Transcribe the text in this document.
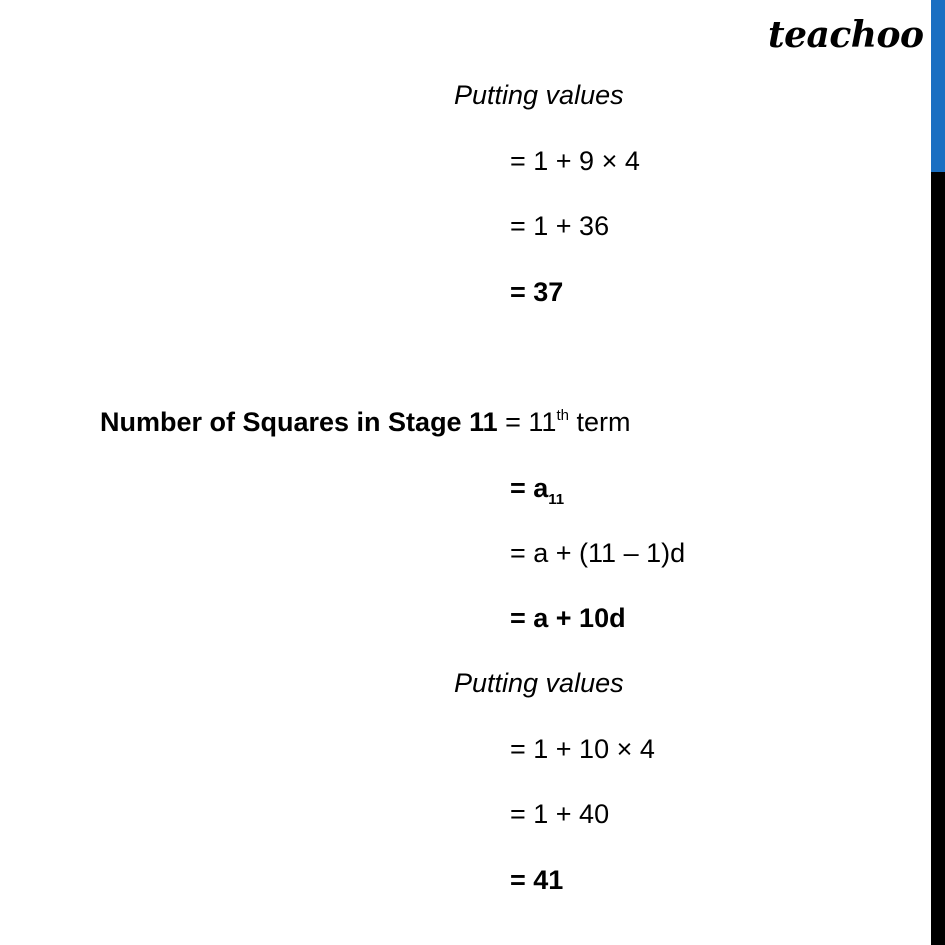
teachoo
Putting values
= 1 + 9 × 4
= 1 + 36
= 37
Number of Squares in Stage 11 = 11th term
= $a_{11}$
= a + (11 – 1)d
= a + 10d
Putting values
= 1 + 10 × 4
= 1 + 40
= 41
